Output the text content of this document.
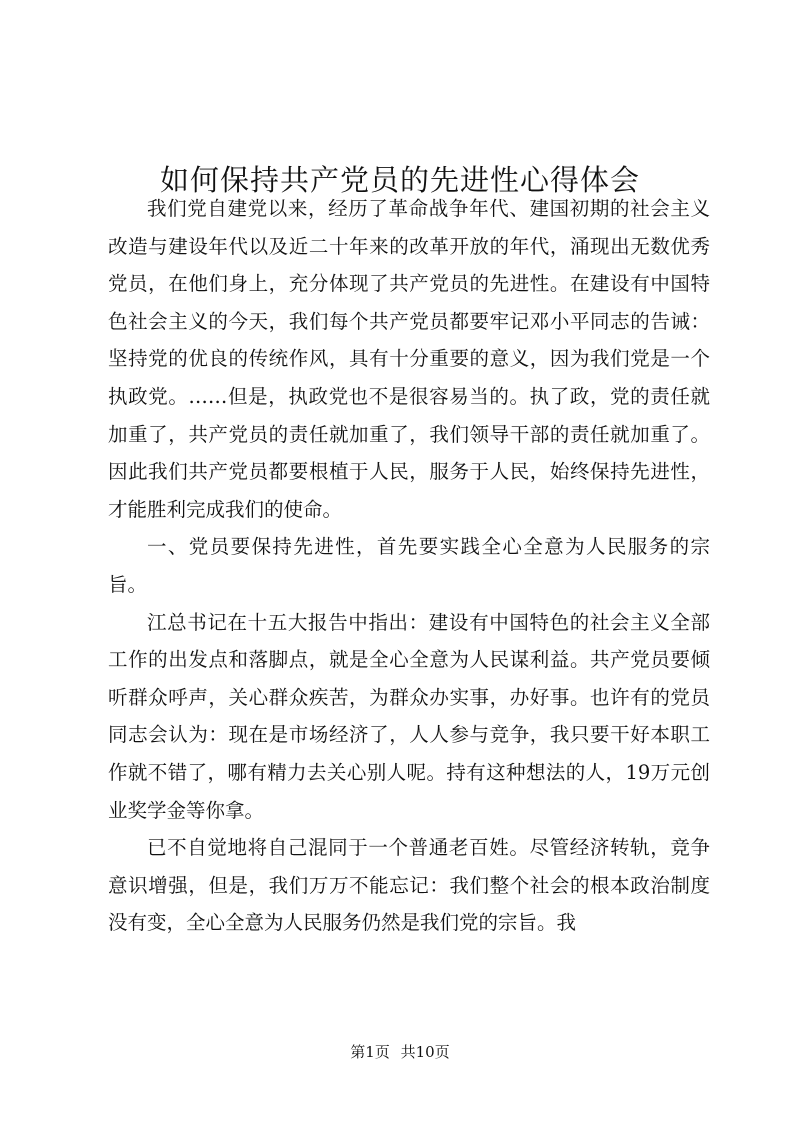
如何保持共产党员的先进性心得体会

我们党自建党以来，经历了革命战争年代、建国初期的社会主义改造与建设年代以及近二十年来的改革开放的年代，涌现出无数优秀党员，在他们身上，充分体现了共产党员的先进性。在建设有中国特色社会主义的今天，我们每个共产党员都要牢记邓小平同志的告诫：坚持党的优良的传统作风，具有十分重要的意义，因为我们党是一个执政党。……但是，执政党也不是很容易当的。执了政，党的责任就加重了，共产党员的责任就加重了，我们领导干部的责任就加重了。因此我们共产党员都要根植于人民，服务于人民，始终保持先进性，才能胜利完成我们的使命。

一、党员要保持先进性，首先要实践全心全意为人民服务的宗旨。

江总书记在十五大报告中指出：建设有中国特色的社会主义全部工作的出发点和落脚点，就是全心全意为人民谋利益。共产党员要倾听群众呼声，关心群众疾苦，为群众办实事，办好事。也许有的党员同志会认为：现在是市场经济了，人人参与竞争，我只要干好本职工作就不错了，哪有精力去关心别人呢。持有这种想法的人，19万元创业奖学金等你拿。

已不自觉地将自己混同于一个普通老百姓。尽管经济转轨，竞争意识增强，但是，我们万万不能忘记：我们整个社会的根本政治制度没有变，全心全意为人民服务仍然是我们党的宗旨。我

第1页 共10页
